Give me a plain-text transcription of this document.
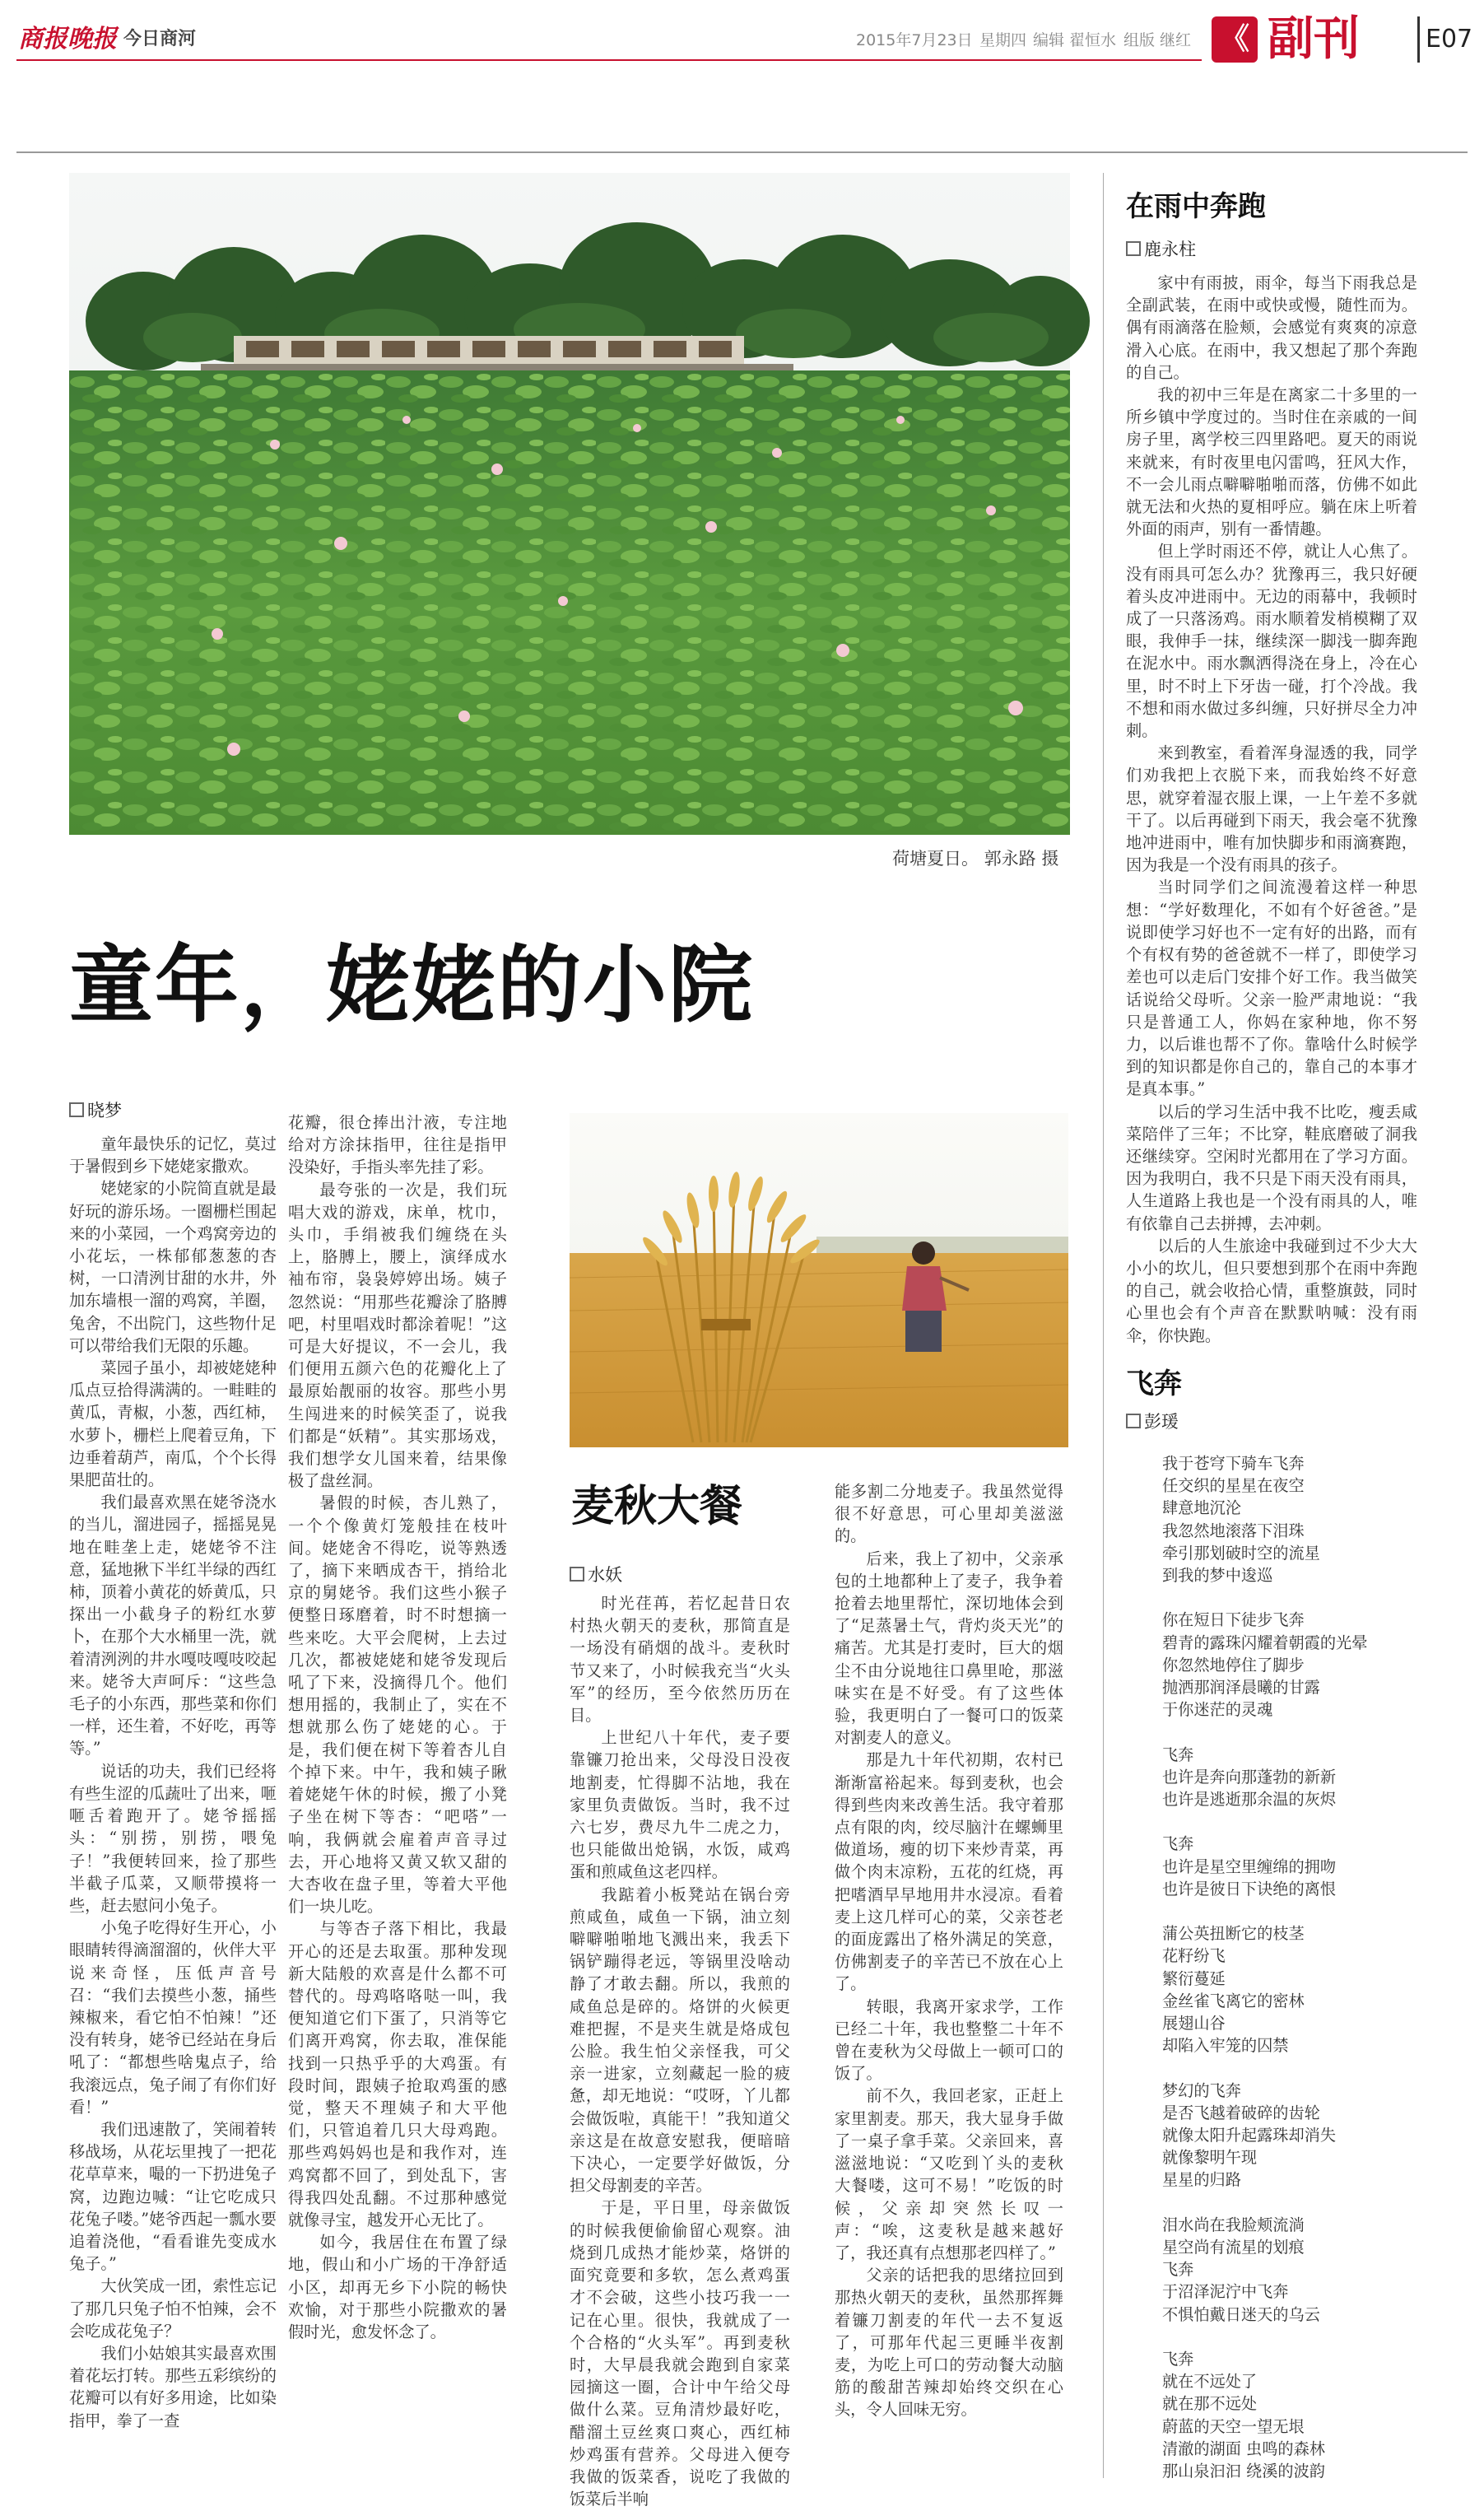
商报晚报 今日商河	2015年7月23日 星期四 编辑 翟恒水 组版 继红 《 副刊	E07
荷塘夏日。 郭永路 摄
童年，姥姥的小院
晓梦

童年最快乐的记忆，莫过于暑假到乡下姥姥家撒欢。

姥姥家的小院简直就是最好玩的游乐场。一圈栅栏围起来的小菜园，一个鸡窝旁边的小花坛，一株郁郁葱葱的杏树，一口清洌甘甜的水井，外加东墙根一溜的鸡窝，羊圈，兔舍，不出院门，这些物什足可以带给我们无限的乐趣。

菜园子虽小，却被姥姥种瓜点豆拾得满满的。一畦畦的黄瓜，青椒，小葱，西红柿，水萝卜，栅栏上爬着豆角，下边垂着葫芦，南瓜，个个长得果肥苗壮的。

我们最喜欢黑在姥爷浇水的当儿，溜进园子，摇摇晃晃地在畦垄上走，姥姥爷不注意，猛地揪下半红半绿的西红柿，顶着小黄花的娇黄瓜，只探出一小截身子的粉红水萝卜，在那个大水桶里一洗，就着清洌洌的井水嘎吱嘎吱咬起来。姥爷大声呵斥：“这些急毛子的小东西，那些菜和你们一样，还生着，不好吃，再等等。”

说话的功夫，我们已经将有些生涩的瓜蔬吐了出来，咂咂舌着跑开了。姥爷摇摇头：“别捞，别捞，喂兔子！”我便转回来，捡了那些半截子瓜菜，又顺带摸将一些，赶去慰问小兔子。

小兔子吃得好生开心，小眼睛转得滴溜溜的，伙伴大平说来奇怪，压低声音号召：“我们去摸些小葱，捅些辣椒来，看它怕不怕辣！”还没有转身，姥爷已经站在身后吼了：“都想些啥鬼点子，给我滚远点，兔子闹了有你们好看！”

我们迅速散了，笑闹着转移战场，从花坛里拽了一把花花草草来，嘬的一下扔进兔子窝，边跑边喊：“让它吃成只花兔子喽。”姥爷西起一瓢水要追着浇他，“看看谁先变成水兔子。”

大伙笑成一团，索性忘记了那几只兔子怕不怕辣，会不会吃成花兔子？

我们小姑娘其实最喜欢围着花坛打转。那些五彩缤纷的花瓣可以有好多用途，比如染指甲，拳了一查

花瓣，很仓捧出汁液，专注地给对方涂抹指甲，往往是指甲没染好，手指头率先挂了彩。

最夸张的一次是，我们玩唱大戏的游戏，床单，枕巾，头巾，手绢被我们缠绕在头上，胳膊上，腰上，演绎成水袖布帘，袅袅婷婷出场。姨子忽然说：“用那些花瓣涂了胳膊吧，村里唱戏时都涂着呢！”这可是大好提议，不一会儿，我们便用五颜六色的花瓣化上了最原始靓丽的妆容。那些小男生闯进来的时候笑歪了，说我们都是“妖精”。其实那场戏，我们想学女儿国来着，结果像极了盘丝洞。

暑假的时候，杏儿熟了，一个个像黄灯笼般挂在枝叶间。姥姥舍不得吃，说等熟透了，摘下来晒成杏干，捎给北京的舅姥爷。我们这些小猴子便整日琢磨着，时不时想摘一些来吃。大平会爬树，上去过几次，都被姥姥和姥爷发现后吼了下来，没摘得几个。他们想用摇的，我制止了，实在不想就那么伤了姥姥的心。于是，我们便在树下等着杏儿自个掉下来。中午，我和姨子瞅着姥姥午休的时候，搬了小凳子坐在树下等杏：“吧嗒”一响，我俩就会雇着声音寻过去，开心地将又黄又软又甜的大杏收在盘子里，等着大平他们一块儿吃。

与等杏子落下相比，我最开心的还是去取蛋。那种发现新大陆般的欢喜是什么都不可替代的。母鸡咯咯哒一叫，我便知道它们下蛋了，只消等它们离开鸡窝，你去取，准保能找到一只热乎乎的大鸡蛋。有段时间，跟姨子抢取鸡蛋的感觉，整天不理姨子和大平他们，只管追着几只大母鸡跑。那些鸡妈妈也是和我作对，连鸡窝都不回了，到处乱下，害得我四处乱翻。不过那种感觉就像寻宝，越发开心无比了。

如今，我居住在布置了绿地，假山和小广场的干净舒适小区，却再无乡下小院的畅快欢愉，对于那些小院撒欢的暑假时光，愈发怀念了。

麦秋大餐
水妖

时光荏苒，若忆起昔日农村热火朝天的麦秋，那简直是一场没有硝烟的战斗。麦秋时节又来了，小时候我充当“火头军”的经历，至今依然历历在目。

上世纪八十年代，麦子要靠镰刀抢出来，父母没日没夜地割麦，忙得脚不沾地，我在家里负责做饭。当时，我不过六七岁，费尽九牛二虎之力，也只能做出炝锅，水饭，咸鸡蛋和煎咸鱼这老四样。

我踮着小板凳站在锅台旁煎咸鱼，咸鱼一下锅，油立刻噼噼啪啪地飞溅出来，我丢下锅铲蹦得老远，等锅里没啥动静了才敢去翻。所以，我煎的咸鱼总是碎的。烙饼的火候更难把握，不是夹生就是烙成包公脸。我生怕父亲怪我，可父亲一进家，立刻藏起一脸的疲惫，却无地说：“哎呀，丫儿都会做饭啦，真能干！”我知道父亲这是在故意安慰我，便暗暗下决心，一定要学好做饭，分担父母割麦的辛苦。

于是，平日里，母亲做饭的时候我便偷偷留心观察。油烧到几成热才能炒菜，烙饼的面究竟要和多软，怎么煮鸡蛋才不会破，这些小技巧我一一记在心里。很快，我就成了一个合格的“火头军”。再到麦秋时，大早晨我就会跑到自家菜园摘这一圈，合计中午给父母做什么菜。豆角清炒最好吃，醋溜土豆丝爽口爽心，西红柿炒鸡蛋有营养。父母进入便夸我做的饭菜香，说吃了我做的饭菜后半响

能多割二分地麦子。我虽然觉得很不好意思，可心里却美滋滋的。

后来，我上了初中，父亲承包的土地都种上了麦子，我争着抢着去地里帮忙，深切地体会到了“足蒸暑土气，背灼炎天光”的痛苦。尤其是打麦时，巨大的烟尘不由分说地往口鼻里呛，那滋味实在是不好受。有了这些体验，我更明白了一餐可口的饭菜对割麦人的意义。

那是九十年代初期，农村已渐渐富裕起来。每到麦秋，也会得到些肉来改善生活。我守着那点有限的肉，绞尽脑汁在螺蛳里做道场，瘦的切下来炒青菜，再做个肉末凉粉，五花的红烧，再把嗜酒早早地用井水浸凉。看着麦上这几样可心的菜，父亲苍老的面庞露出了格外满足的笑意，仿佛割麦子的辛苦已不放在心上了。

转眼，我离开家求学，工作已经二十年，我也整整二十年不曾在麦秋为父母做上一顿可口的饭了。

前不久，我回老家，正赶上家里割麦。那天，我大显身手做了一桌子拿手菜。父亲回来，喜滋滋地说：“又吃到丫头的麦秋大餐喽，这可不易！”吃饭的时候，父亲却突然长叹一声：“唉，这麦秋是越来越好了，我还真有点想那老四样了。”

父亲的话把我的思绪拉回到那热火朝天的麦秋，虽然那挥舞着镰刀割麦的年代一去不复返了，可那年代起三更睡半夜割麦，为吃上可口的劳动餐大动脑筋的酸甜苦辣却始终交织在心头，令人回味无穷。

在雨中奔跑
鹿永柱

家中有雨披，雨伞，每当下雨我总是全副武装，在雨中或快或慢，随性而为。偶有雨滴落在脸颊，会感觉有爽爽的凉意滑入心底。在雨中，我又想起了那个奔跑的自己。

我的初中三年是在离家二十多里的一所乡镇中学度过的。当时住在亲戚的一间房子里，离学校三四里路吧。夏天的雨说来就来，有时夜里电闪雷鸣，狂风大作，不一会儿雨点噼噼啪啪而落，仿佛不如此就无法和火热的夏相呼应。躺在床上听着外面的雨声，别有一番情趣。

但上学时雨还不停，就让人心焦了。没有雨具可怎么办？犹豫再三，我只好硬着头皮冲进雨中。无边的雨幕中，我顿时成了一只落汤鸡。雨水顺着发梢模糊了双眼，我伸手一抹，继续深一脚浅一脚奔跑在泥水中。雨水飘洒得浇在身上，冷在心里，时不时上下牙齿一碰，打个冷战。我不想和雨水做过多纠缠，只好拼尽全力冲刺。

来到教室，看着浑身湿透的我，同学们劝我把上衣脱下来，而我始终不好意思，就穿着湿衣服上课，一上午差不多就干了。以后再碰到下雨天，我会毫不犹豫地冲进雨中，唯有加快脚步和雨滴赛跑，因为我是一个没有雨具的孩子。

当时同学们之间流漫着这样一种思想：“学好数理化，不如有个好爸爸。”是说即使学习好也不一定有好的出路，而有个有权有势的爸爸就不一样了，即使学习差也可以走后门安排个好工作。我当做笑话说给父母听。父亲一脸严肃地说：“我只是普通工人，你妈在家种地，你不努力，以后谁也帮不了你。靠啥什么时候学到的知识都是你自己的，靠自己的本事才是真本事。”

以后的学习生活中我不比吃，瘦丢咸菜陪伴了三年；不比穿，鞋底磨破了洞我还继续穿。空闲时光都用在了学习方面。因为我明白，我不只是下雨天没有雨具，人生道路上我也是一个没有雨具的人，唯有依靠自己去拼搏，去冲刺。

以后的人生旅途中我碰到过不少大大小小的坎儿，但只要想到那个在雨中奔跑的自己，就会收拾心情，重整旗鼓，同时心里也会有个声音在默默呐喊：没有雨伞，你快跑。

飞奔
彭瑗

我于苍穹下骑车飞奔

任交织的星星在夜空

肆意地沉沦

我忽然地滚落下泪珠

牵引那划破时空的流星

到我的梦中逡巡

你在短日下徒步飞奔

碧青的露珠闪耀着朝霞的光晕

你忽然地停住了脚步

抛洒那润泽晨曦的甘露

于你迷茫的灵魂

飞奔

也许是奔向那蓬勃的新新

也许是逃逝那余温的灰烬

飞奔

也许是星空里缠绵的拥吻

也许是彼日下诀绝的离恨

蒲公英扭断它的枝茎

花籽纷飞

繁衍蔓延

金丝雀飞离它的密林

展翅山谷

却陷入牢笼的囚禁

梦幻的飞奔

是否飞越着破碎的齿轮

就像太阳升起露珠却消失

就像黎明午现

星星的归路

泪水尚在我脸颊流淌

星空尚有流星的划痕

飞奔

于沼泽泥泞中飞奔

不惧怕戴日迷天的乌云

飞奔

就在不远处了

就在那不远处

蔚蓝的天空一望无垠

清澈的湖面 虫鸣的森林

那山泉汩汩 绕溪的波韵
